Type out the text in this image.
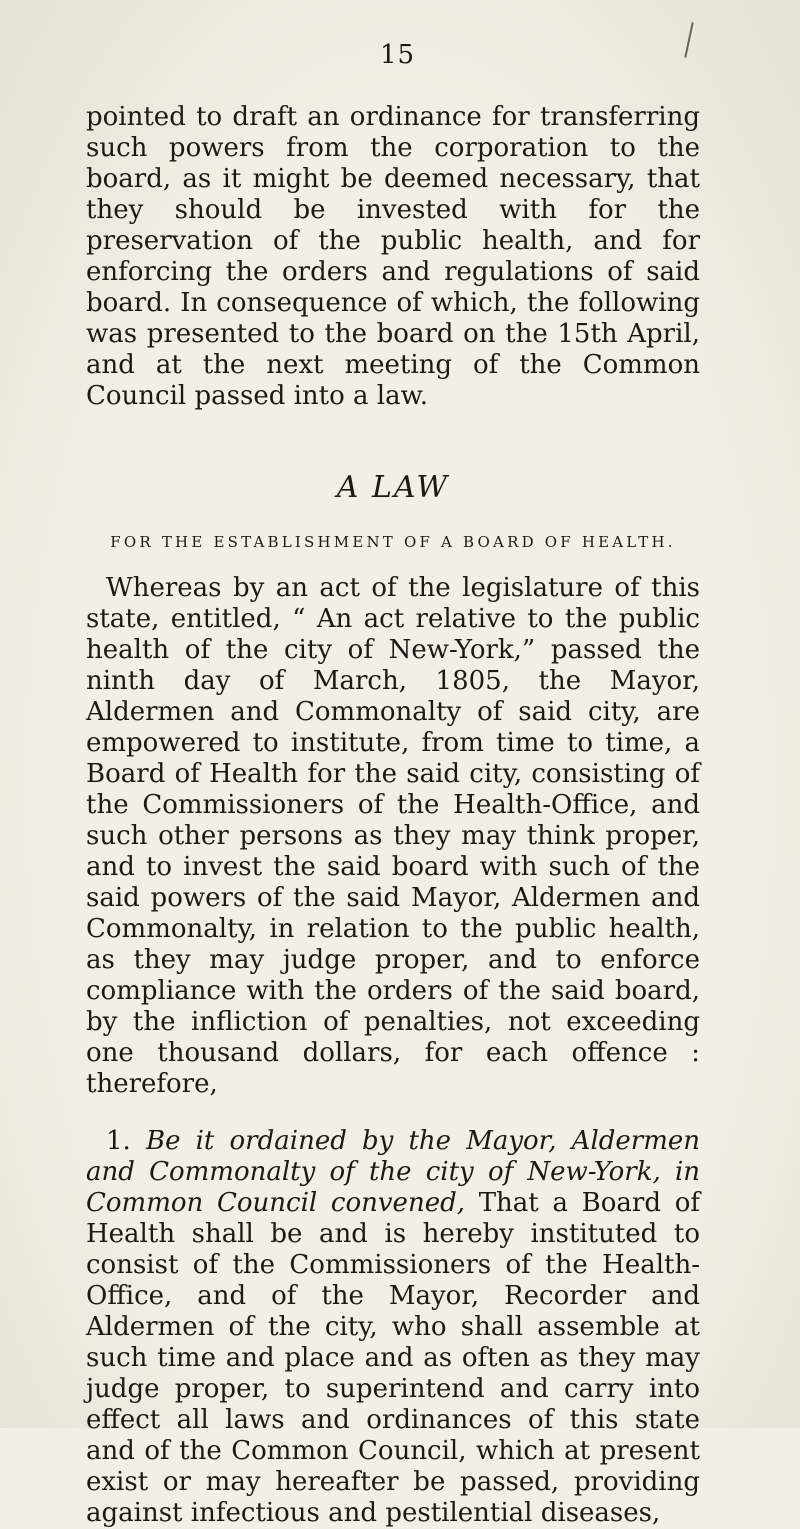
15

pointed to draft an ordinance for transferring such powers from the corporation to the board, as it might be deemed necessary, that they should be invested with for the preservation of the public health, and for enforcing the orders and regulations of said board. In consequence of which, the following was presented to the board on the 15th April, and at the next meeting of the Common Council passed into a law.

A LAW
FOR THE ESTABLISHMENT OF A BOARD OF HEALTH.

Whereas by an act of the legislature of this state, entitled, “ An act relative to the public health of the city of New-York,” passed the ninth day of March, 1805, the Mayor, Aldermen and Commonalty of said city, are empowered to institute, from time to time, a Board of Health for the said city, consisting of the Commissioners of the Health-Office, and such other persons as they may think proper, and to invest the said board with such of the said powers of the said Mayor, Aldermen and Commonalty, in relation to the public health, as they may judge proper, and to enforce compliance with the orders of the said board, by the infliction of penalties, not exceeding one thousand dollars, for each offence : therefore,

1. Be it ordained by the Mayor, Aldermen and Commonalty of the city of New-York, in Common Council convened, That a Board of Health shall be and is hereby instituted to consist of the Commissioners of the Health-Office, and of the Mayor, Recorder and Aldermen of the city, who shall assemble at such time and place and as often as they may judge proper, to superintend and carry into effect all laws and ordinances of this state and of the Common Council, which at present exist or may hereafter be passed, providing against infectious and pestilential diseases,
